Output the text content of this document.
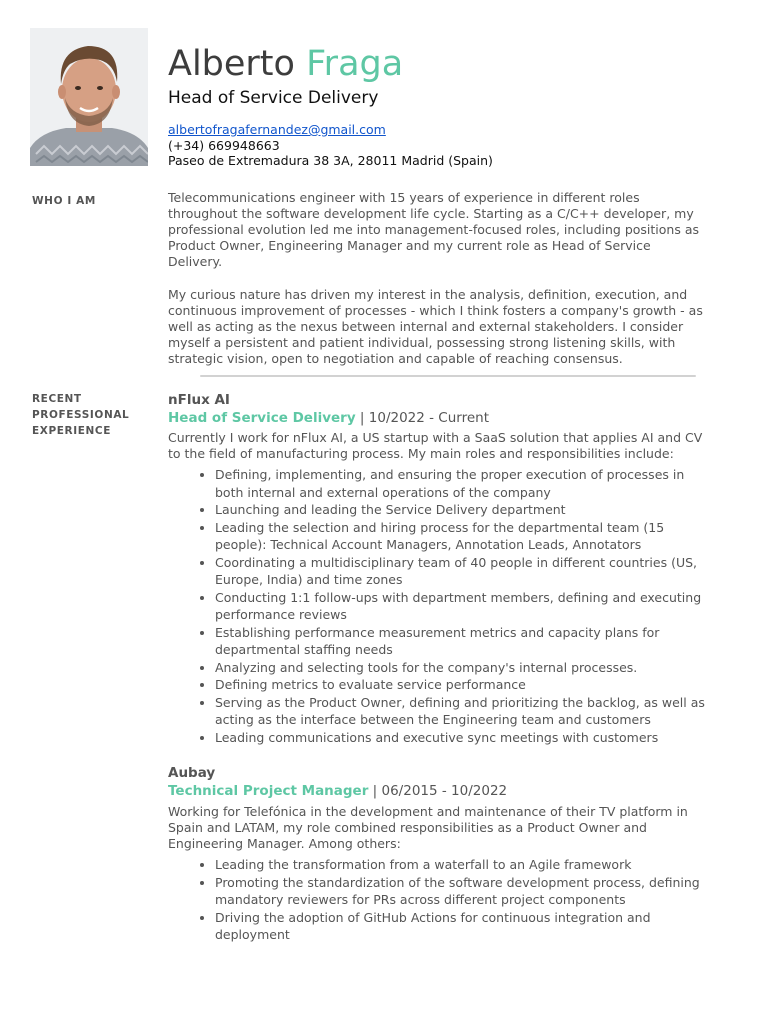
Alberto Fraga
Head of Service Delivery
albertofragafernandez@gmail.com
(+34) 669948663
Paseo de Extremadura 38 3A, 28011 Madrid (Spain)
WHO I AM	Telecommunications engineer with 15 years of experience in different roles throughout the software development life cycle. Starting as a C/C++ developer, my professional evolution led me into management-focused roles, including positions as Product Owner, Engineering Manager and my current role as Head of Service Delivery.

My curious nature has driven my interest in the analysis, definition, execution, and continuous improvement of processes - which I think fosters a company's growth - as well as acting as the nexus between internal and external stakeholders. I consider myself a persistent and patient individual, possessing strong listening skills, with strategic vision, open to negotiation and capable of reaching consensus.

RECENT PROFESSIONAL EXPERIENCE
nFlux AI
Head of Service Delivery | 10/2022 - Current
Currently I work for nFlux AI, a US startup with a SaaS solution that applies AI and CV to the field of manufacturing process. My main roles and responsibilities include:
• Defining, implementing, and ensuring the proper execution of processes in both internal and external operations of the company
• Launching and leading the Service Delivery department
• Leading the selection and hiring process for the departmental team (15 people): Technical Account Managers, Annotation Leads, Annotators
• Coordinating a multidisciplinary team of 40 people in different countries (US, Europe, India) and time zones
• Conducting 1:1 follow-ups with department members, defining and executing performance reviews
• Establishing performance measurement metrics and capacity plans for departmental staffing needs
• Analyzing and selecting tools for the company's internal processes.
• Defining metrics to evaluate service performance
• Serving as the Product Owner, defining and prioritizing the backlog, as well as acting as the interface between the Engineering team and customers
• Leading communications and executive sync meetings with customers
Aubay
Technical Project Manager | 06/2015 - 10/2022
Working for Telefónica in the development and maintenance of their TV platform in Spain and LATAM, my role combined responsibilities as a Product Owner and Engineering Manager. Among others:
• Leading the transformation from a waterfall to an Agile framework
• Promoting the standardization of the software development process, defining mandatory reviewers for PRs across different project components
• Driving the adoption of GitHub Actions for continuous integration and deployment
